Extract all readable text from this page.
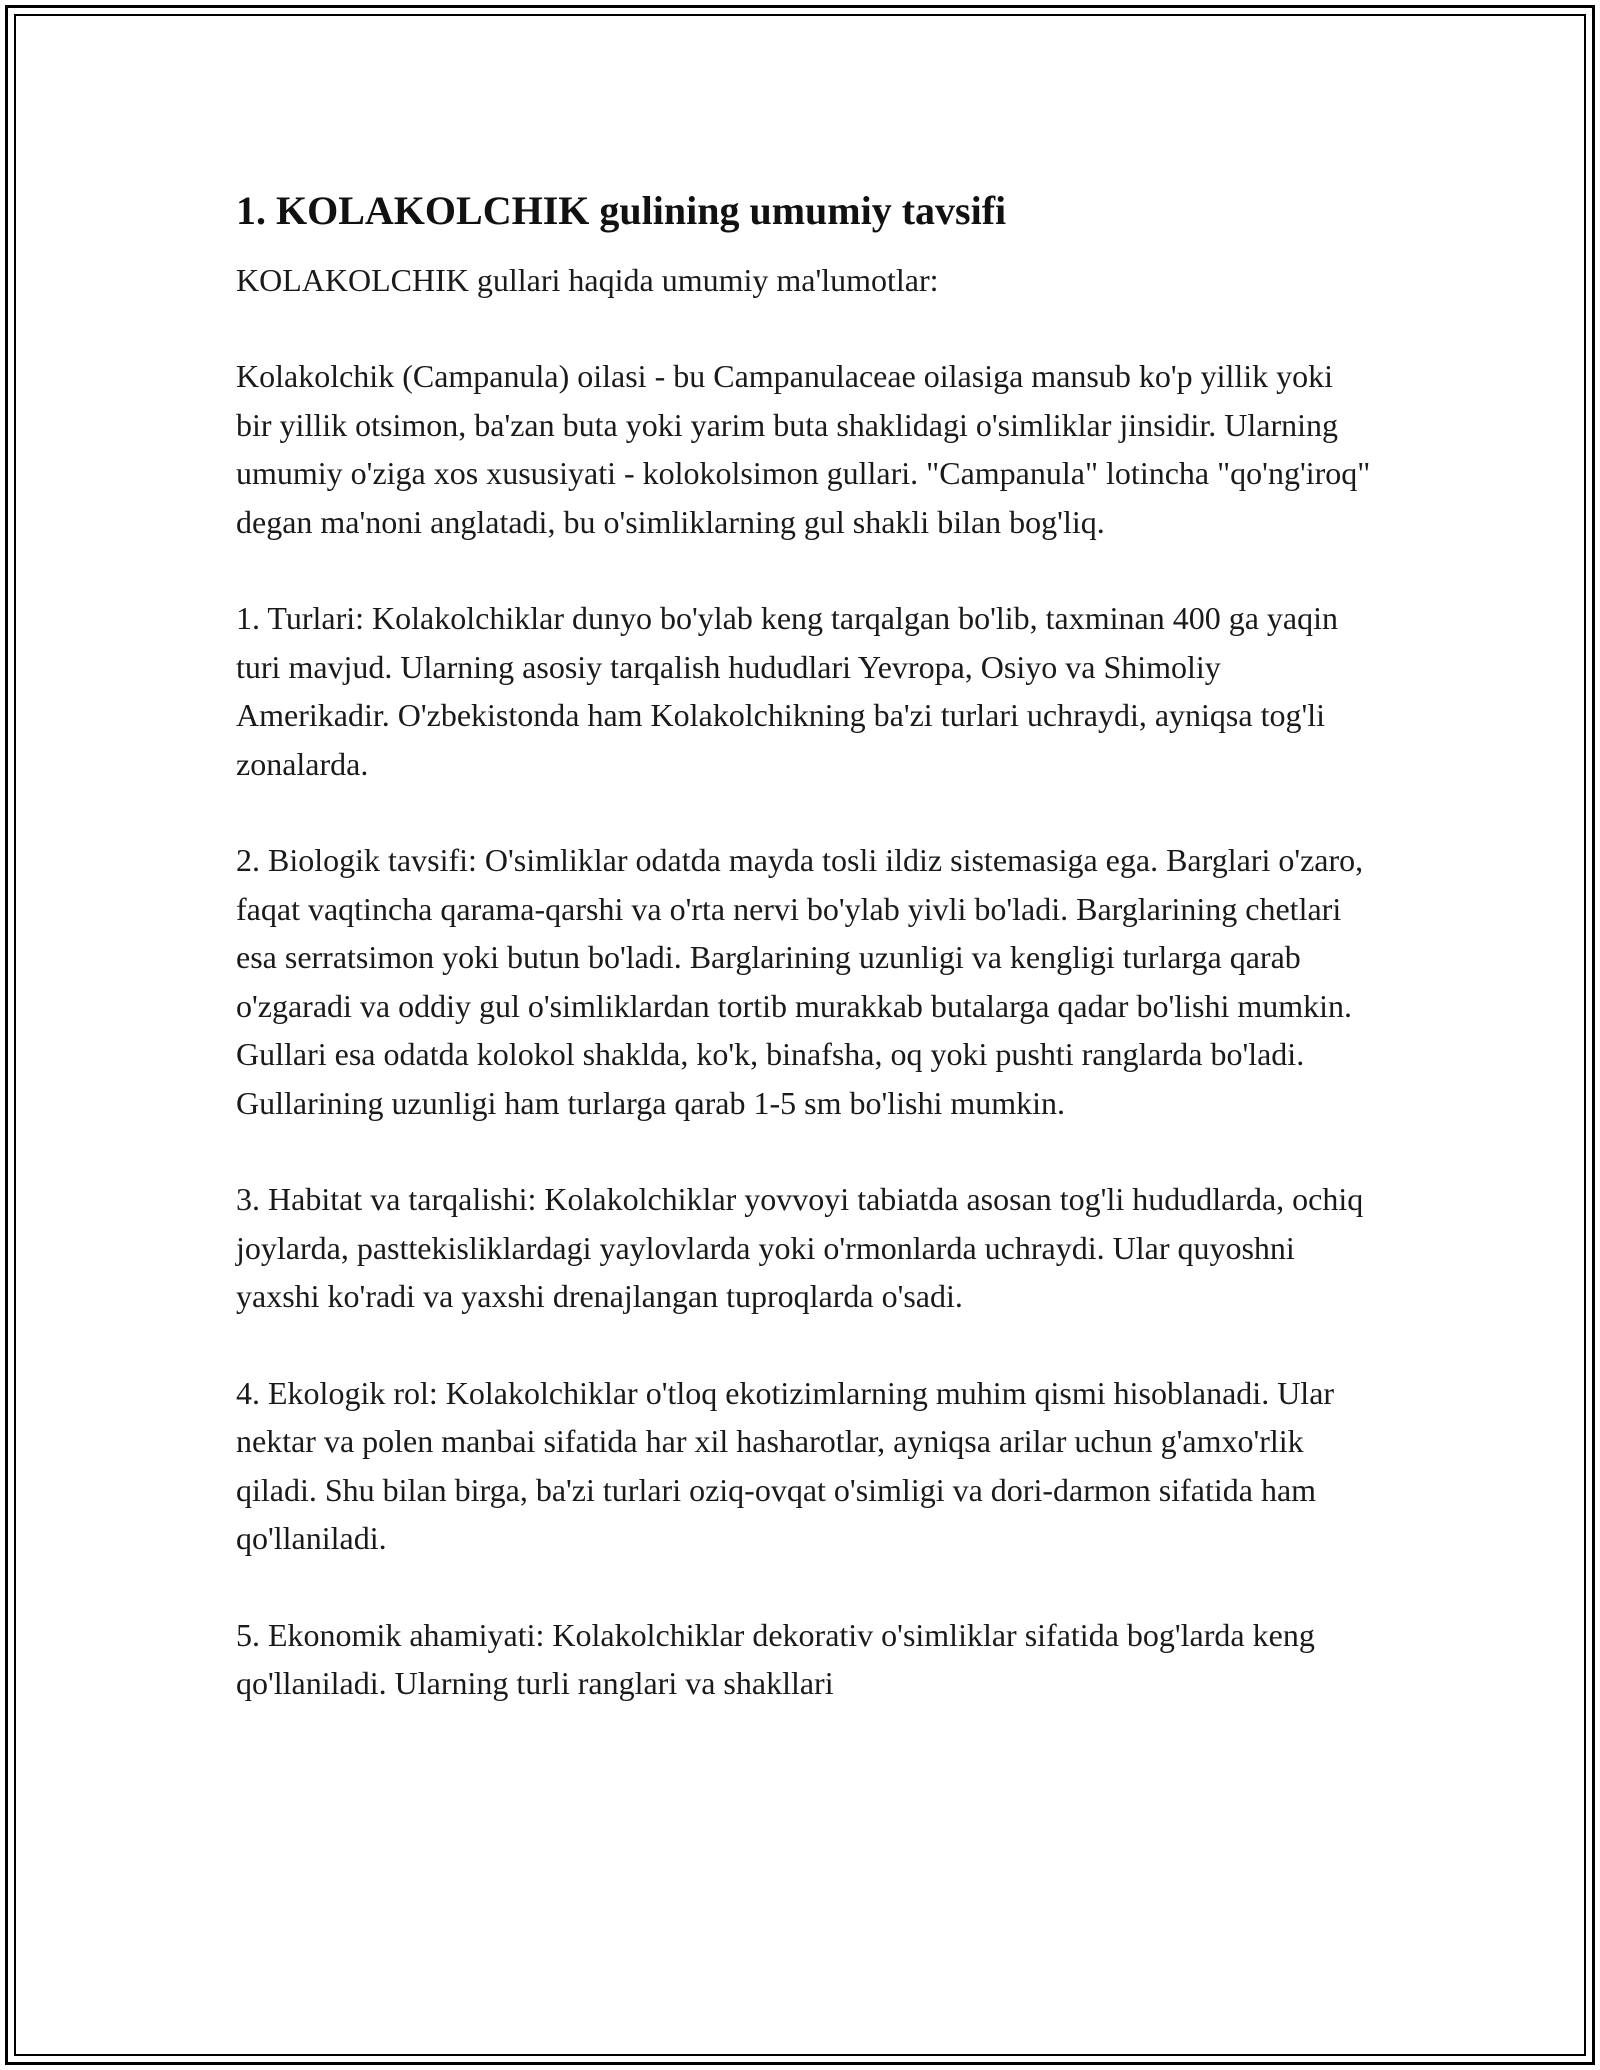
1. KOLAKOLCHIK gulining umumiy tavsifi

KOLAKOLCHIK gullari haqida umumiy ma'lumotlar:

Kolakolchik (Campanula) oilasi - bu Campanulaceae oilasiga mansub ko'p yillik yoki bir yillik otsimon, ba'zan buta yoki yarim buta shaklidagi o'simliklar jinsidir. Ularning umumiy o'ziga xos xususiyati - kolokolsimon gullari. "Campanula" lotincha "qo'ng'iroq" degan ma'noni anglatadi, bu o'simliklarning gul shakli bilan bog'liq.

1. Turlari: Kolakolchiklar dunyo bo'ylab keng tarqalgan bo'lib, taxminan 400 ga yaqin turi mavjud. Ularning asosiy tarqalish hududlari Yevropa, Osiyo va Shimoliy Amerikadir. O'zbekistonda ham Kolakolchikning ba'zi turlari uchraydi, ayniqsa tog'li zonalarda.

2. Biologik tavsifi: O'simliklar odatda mayda tosli ildiz sistemasiga ega. Barglari o'zaro, faqat vaqtincha qarama-qarshi va o'rta nervi bo'ylab yivli bo'ladi. Barglarining chetlari esa serratsimon yoki butun bo'ladi. Barglarining uzunligi va kengligi turlarga qarab o'zgaradi va oddiy gul o'simliklardan tortib murakkab butalarga qadar bo'lishi mumkin. Gullari esa odatda kolokol shaklda, ko'k, binafsha, oq yoki pushti ranglarda bo'ladi. Gullarining uzunligi ham turlarga qarab 1-5 sm bo'lishi mumkin.

3. Habitat va tarqalishi: Kolakolchiklar yovvoyi tabiatda asosan tog'li hududlarda, ochiq joylarda, pasttekisliklardagi yaylovlarda yoki o'rmonlarda uchraydi. Ular quyoshni yaxshi ko'radi va yaxshi drenajlangan tuproqlarda o'sadi.

4. Ekologik rol: Kolakolchiklar o'tloq ekotizimlarning muhim qismi hisoblanadi. Ular nektar va polen manbai sifatida har xil hasharotlar, ayniqsa arilar uchun g'amxo'rlik qiladi. Shu bilan birga, ba'zi turlari oziq-ovqat o'simligi va dori-darmon sifatida ham qo'llaniladi.

5. Ekonomik ahamiyati: Kolakolchiklar dekorativ o'simliklar sifatida bog'larda keng qo'llaniladi. Ularning turli ranglari va shakllari
